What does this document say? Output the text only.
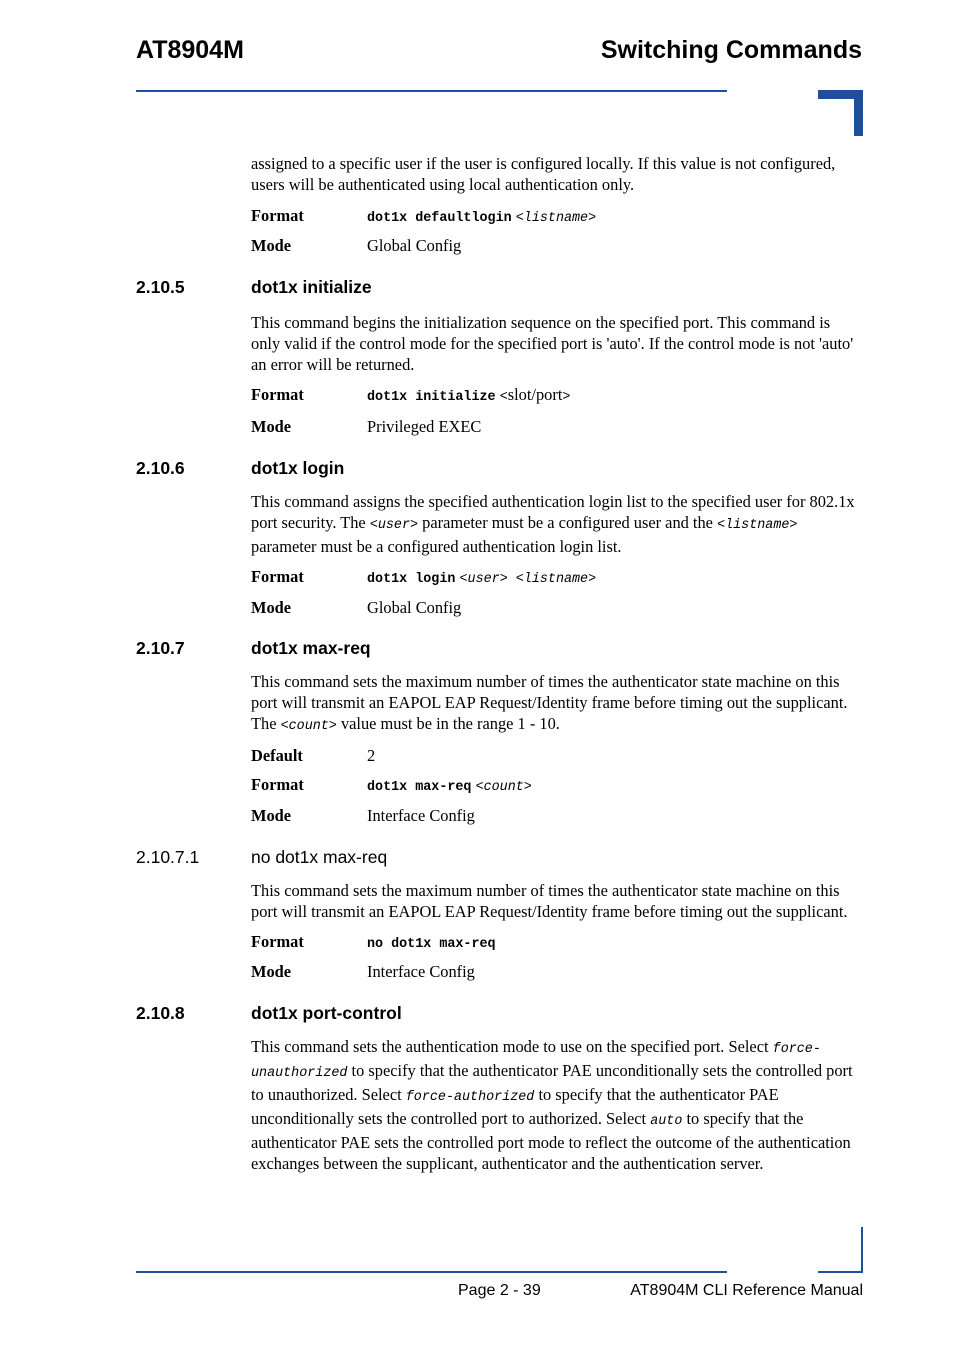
AT8904M	Switching Commands

assigned to a specific user if the user is configured locally. If this value is not configured, users will be authenticated using local authentication only.

Format	dot1x defaultlogin <listname>
Mode	Global Config
2.10.5	dot1x initialize

This command begins the initialization sequence on the specified port. This command is only valid if the control mode for the specified port is 'auto'. If the control mode is not 'auto' an error will be returned.

Format	dot1x initialize <slot/port>
Mode	Privileged EXEC
2.10.6	dot1x login

This command assigns the specified authentication login list to the specified user for 802.1x port security. The <user> parameter must be a configured user and the <listname> parameter must be a configured authentication login list.

Format	dot1x login <user> <listname>
Mode	Global Config
2.10.7	dot1x max-req

This command sets the maximum number of times the authenticator state machine on this port will transmit an EAPOL EAP Request/Identity frame before timing out the supplicant. The <count> value must be in the range 1 - 10.

Default	2
Format	dot1x max-req <count>
Mode	Interface Config
2.10.7.1	no dot1x max-req

This command sets the maximum number of times the authenticator state machine on this port will transmit an EAPOL EAP Request/Identity frame before timing out the supplicant.

Format	no dot1x max-req
Mode	Interface Config
2.10.8	dot1x port-control

This command sets the authentication mode to use on the specified port. Select force-unauthorized to specify that the authenticator PAE unconditionally sets the controlled port to unauthorized. Select force-authorized to specify that the authenticator PAE unconditionally sets the controlled port to authorized. Select auto to specify that the authenticator PAE sets the controlled port mode to reflect the outcome of the authentication exchanges between the supplicant, authenticator and the authentication server.

Page 2 - 39	AT8904M CLI Reference Manual
